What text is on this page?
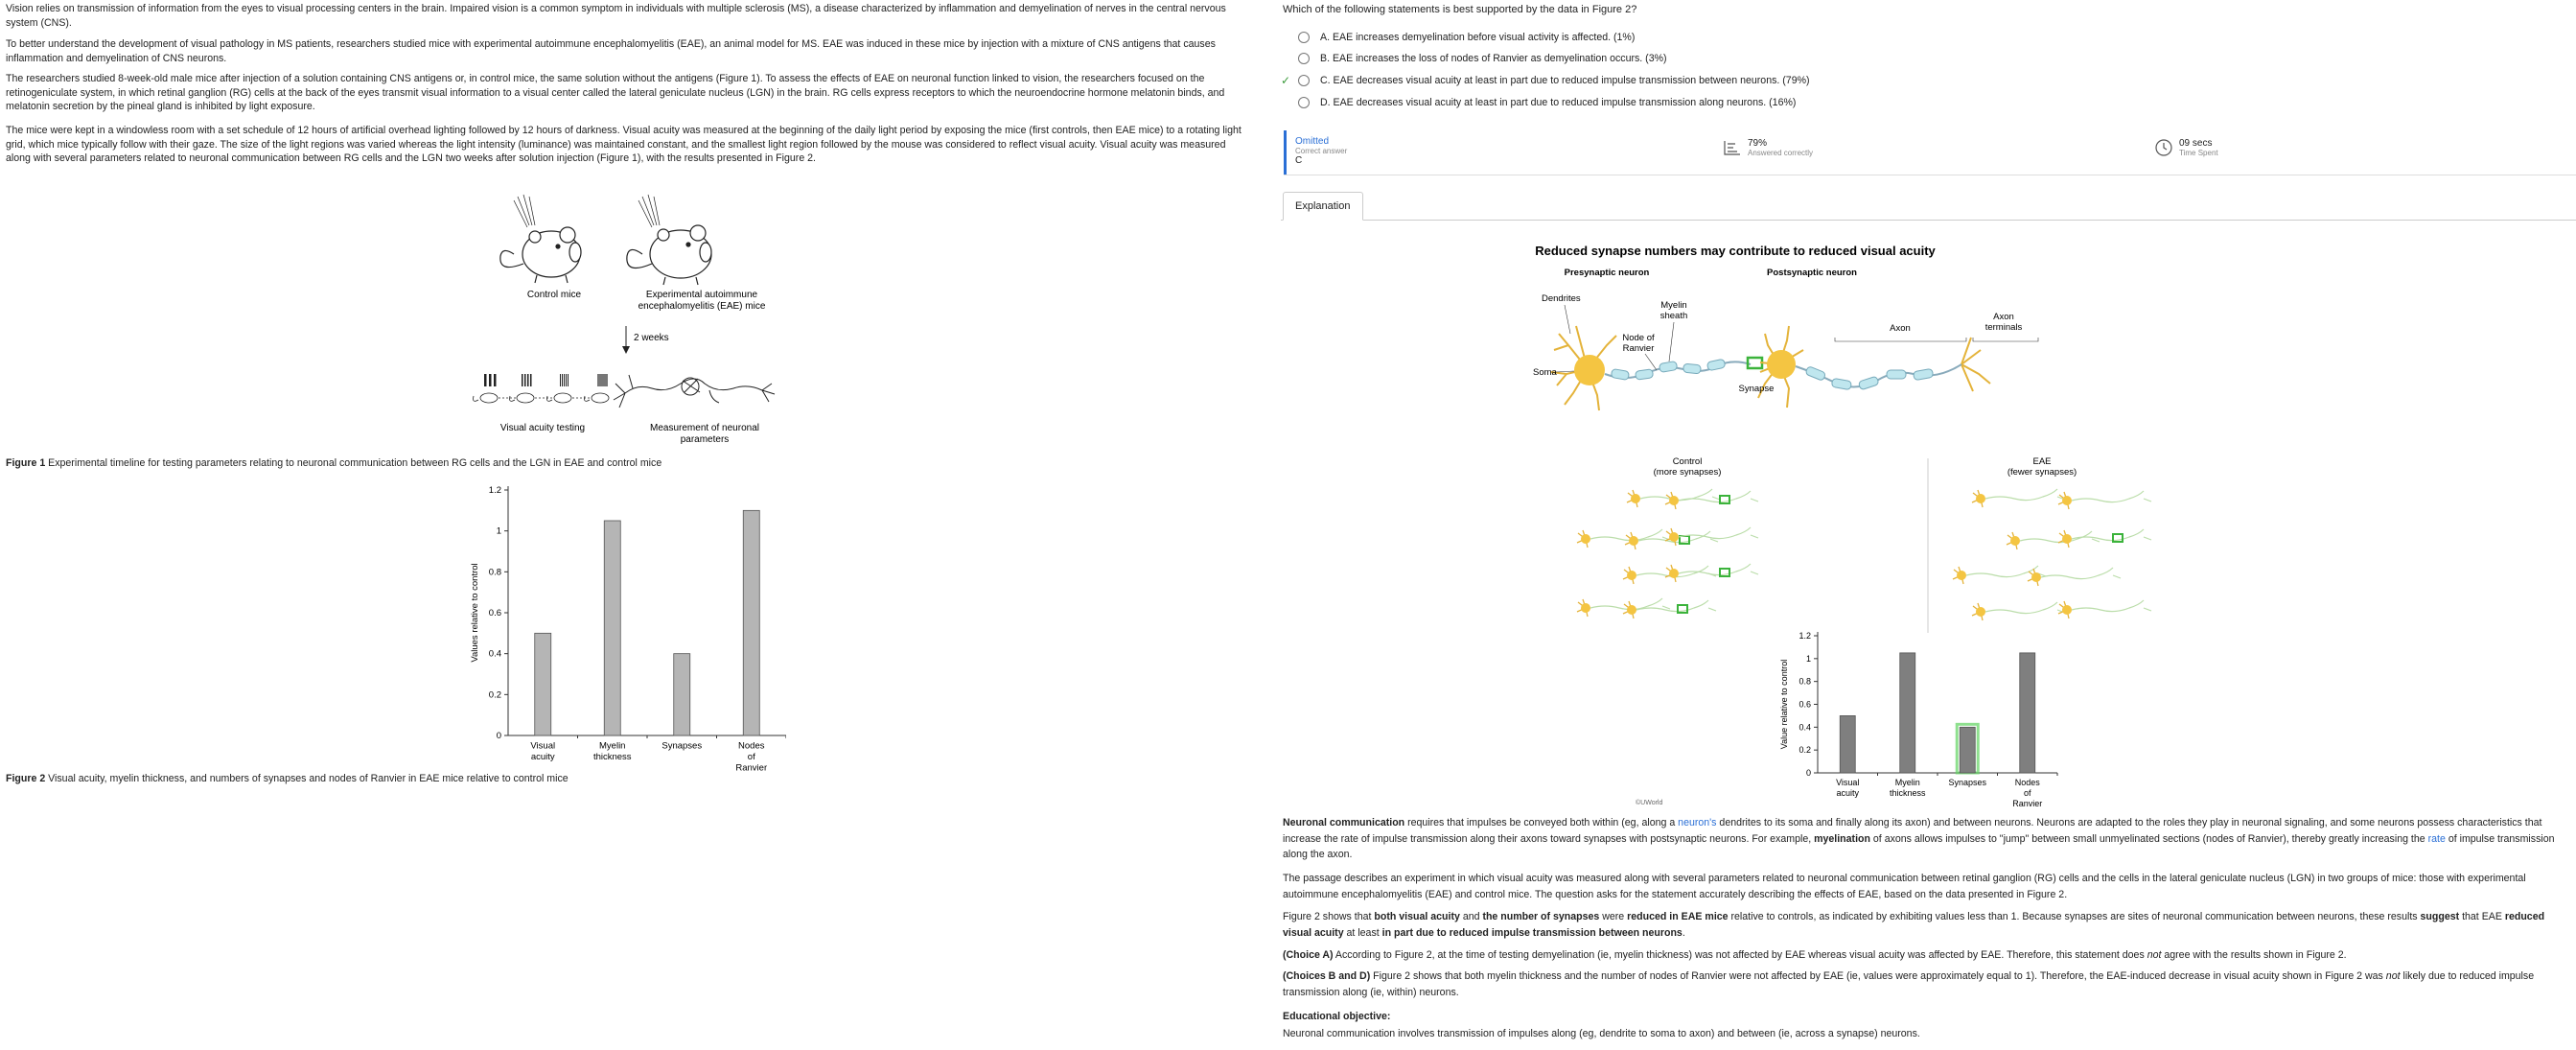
Vision relies on transmission of information from the eyes to visual processing centers in the brain. Impaired vision is a common symptom in individuals with multiple sclerosis (MS), a disease characterized by inflammation and demyelination of nerves in the central nervous system (CNS).

To better understand the development of visual pathology in MS patients, researchers studied mice with experimental autoimmune encephalomyelitis (EAE), an animal model for MS. EAE was induced in these mice by injection with a mixture of CNS antigens that causes inflammation and demyelination of CNS neurons.

The researchers studied 8-week-old male mice after injection of a solution containing CNS antigens or, in control mice, the same solution without the antigens (Figure 1). To assess the effects of EAE on neuronal function linked to vision, the researchers focused on the retinogeniculate system, in which retinal ganglion (RG) cells at the back of the eyes transmit visual information to a visual center called the lateral geniculate nucleus (LGN) in the brain. RG cells express receptors to which the neuroendocrine hormone melatonin binds, and melatonin secretion by the pineal gland is inhibited by light exposure.

The mice were kept in a windowless room with a set schedule of 12 hours of artificial overhead lighting followed by 12 hours of darkness. Visual acuity was measured at the beginning of the daily light period by exposing the mice (first controls, then EAE mice) to a rotating light grid, which mice typically follow with their gaze. The size of the light regions was varied whereas the light intensity (luminance) was maintained constant, and the smallest light region followed by the mouse was considered to reflect visual acuity. Visual acuity was measured along with several parameters related to neuronal communication between RG cells and the LGN two weeks after solution injection (Figure 1), with the results presented in Figure 2.

Control mice	Experimental autoimmune
encephalomyelitis (EAE) mice
2 weeks
Visual acuity testing	Measurement of neuronal
parameters

Figure 1 Experimental timeline for testing parameters relating to neuronal communication between RG cells and the LGN in EAE and control mice

0
0.2
0.4
0.6
0.8
1
1.2
Visual
acuity
Myelin
thickness
Synapses	Nodes
of
Ranvier
Values relative to control

Figure 2 Visual acuity, myelin thickness, and numbers of synapses and nodes of Ranvier in EAE mice relative to control mice

Which of the following statements is best supported by the data in Figure 2?

A.
EAE increases demyelination before visual activity is affected. (1%)
B.
EAE increases the loss of nodes of Ranvier as demyelination occurs. (3%)
✓	C.
EAE decreases visual acuity at least in part due to reduced impulse transmission between neurons. (79%)
D.
EAE decreases visual acuity at least in part due to reduced impulse transmission along neurons. (16%)
Omitted
Correct answer
C
79%
Answered correctly
09 secs
Time Spent
Explanation
Reduced synapse numbers may contribute to reduced visual acuity
Presynaptic neuron	Postsynaptic neuron
Dendrites
Soma
Myelin
sheath
Node of
Ranvier
Synapse
Axon
Axon
terminals
Control
(more synapses)
EAE
(fewer synapses)
0
0.2
0.4
0.6
0.8
1
1.2
Visual
acuity
Myelin
thickness
Synapses	Nodes
of
Ranvier
Value relative to control
©UWorld

Neuronal communication requires that impulses be conveyed both within (eg, along a neuron's dendrites to its soma and finally along its axon) and between neurons. Neurons are adapted to the roles they play in neuronal signaling, and some neurons possess characteristics that increase the rate of impulse transmission along their axons toward synapses with postsynaptic neurons. For example, myelination of axons allows impulses to "jump" between small unmyelinated sections (nodes of Ranvier), thereby greatly increasing the rate of impulse transmission along the axon.

The passage describes an experiment in which visual acuity was measured along with several parameters related to neuronal communication between retinal ganglion (RG) cells and the cells in the lateral geniculate nucleus (LGN) in two groups of mice: those with experimental autoimmune encephalomyelitis (EAE) and control mice. The question asks for the statement accurately describing the effects of EAE, based on the data presented in Figure 2.

Figure 2 shows that both visual acuity and the number of synapses were reduced in EAE mice relative to controls, as indicated by exhibiting values less than 1. Because synapses are sites of neuronal communication between neurons, these results suggest that EAE reduced visual acuity at least in part due to reduced impulse transmission between neurons.

(Choice A) According to Figure 2, at the time of testing demyelination (ie, myelin thickness) was not affected by EAE whereas visual acuity was affected by EAE. Therefore, this statement does not agree with the results shown in Figure 2.

(Choices B and D) Figure 2 shows that both myelin thickness and the number of nodes of Ranvier were not affected by EAE (ie, values were approximately equal to 1). Therefore, the EAE-induced decrease in visual acuity shown in Figure 2 was not likely due to reduced impulse transmission along (ie, within) neurons.

Educational objective:

Neuronal communication involves transmission of impulses along (eg, dendrite to soma to axon) and between (ie, across a synapse) neurons.
